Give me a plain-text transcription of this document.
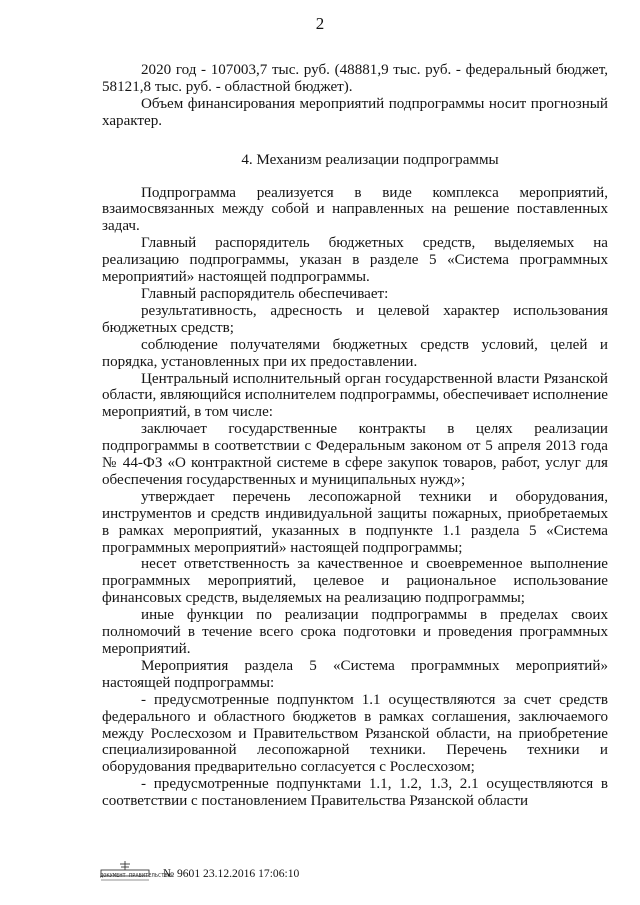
2

2020 год - 107003,7 тыс. руб. (48881,9 тыс. руб. - федеральный бюджет, 58121,8 тыс. руб. - областной бюджет).

Объем финансирования мероприятий подпрограммы носит прогнозный характер.

4. Механизм реализации подпрограммы

Подпрограмма реализуется в виде комплекса мероприятий, взаимосвязанных между собой и направленных на решение поставленных задач.

Главный распорядитель бюджетных средств, выделяемых на реализацию подпрограммы, указан в разделе 5 «Система программных мероприятий» настоящей подпрограммы.

Главный распорядитель обеспечивает:

результативность, адресность и целевой характер использования бюджетных средств;

соблюдение получателями бюджетных средств условий, целей и порядка, установленных при их предоставлении.

Центральный исполнительный орган государственной власти Рязанской области, являющийся исполнителем подпрограммы, обеспечивает исполнение мероприятий, в том числе:

заключает государственные контракты в целях реализации подпрограммы в соответствии с Федеральным законом от 5 апреля 2013 года № 44-ФЗ «О контрактной системе в сфере закупок товаров, работ, услуг для обеспечения государственных и муниципальных нужд»;

утверждает перечень лесопожарной техники и оборудования, инструментов и средств индивидуальной защиты пожарных, приобретаемых в рамках мероприятий, указанных в подпункте 1.1 раздела 5 «Система программных мероприятий» настоящей подпрограммы;

несет ответственность за качественное и своевременное выполнение программных мероприятий, целевое и рациональное использование финансовых средств, выделяемых на реализацию подпрограммы;

иные функции по реализации подпрограммы в пределах своих полномочий в течение всего срока подготовки и проведения программных мероприятий.

Мероприятия раздела 5 «Система программных мероприятий» настоящей подпрограммы:

- предусмотренные подпунктом 1.1 осуществляются за счет средств федерального и областного бюджетов в рамках соглашения, заключаемого между Рослесхозом и Правительством Рязанской области, на приобретение специализированной лесопожарной техники. Перечень техники и оборудования предварительно согласуется с Рослесхозом;

- предусмотренные подпунктами 1.1, 1.2, 1.3, 2.1 осуществляются в соответствии с постановлением Правительства Рязанской области

ДОКУМЕНТ ПРАВИТЕЛЬСТВА
№ 9601 23.12.2016 17:06:10
